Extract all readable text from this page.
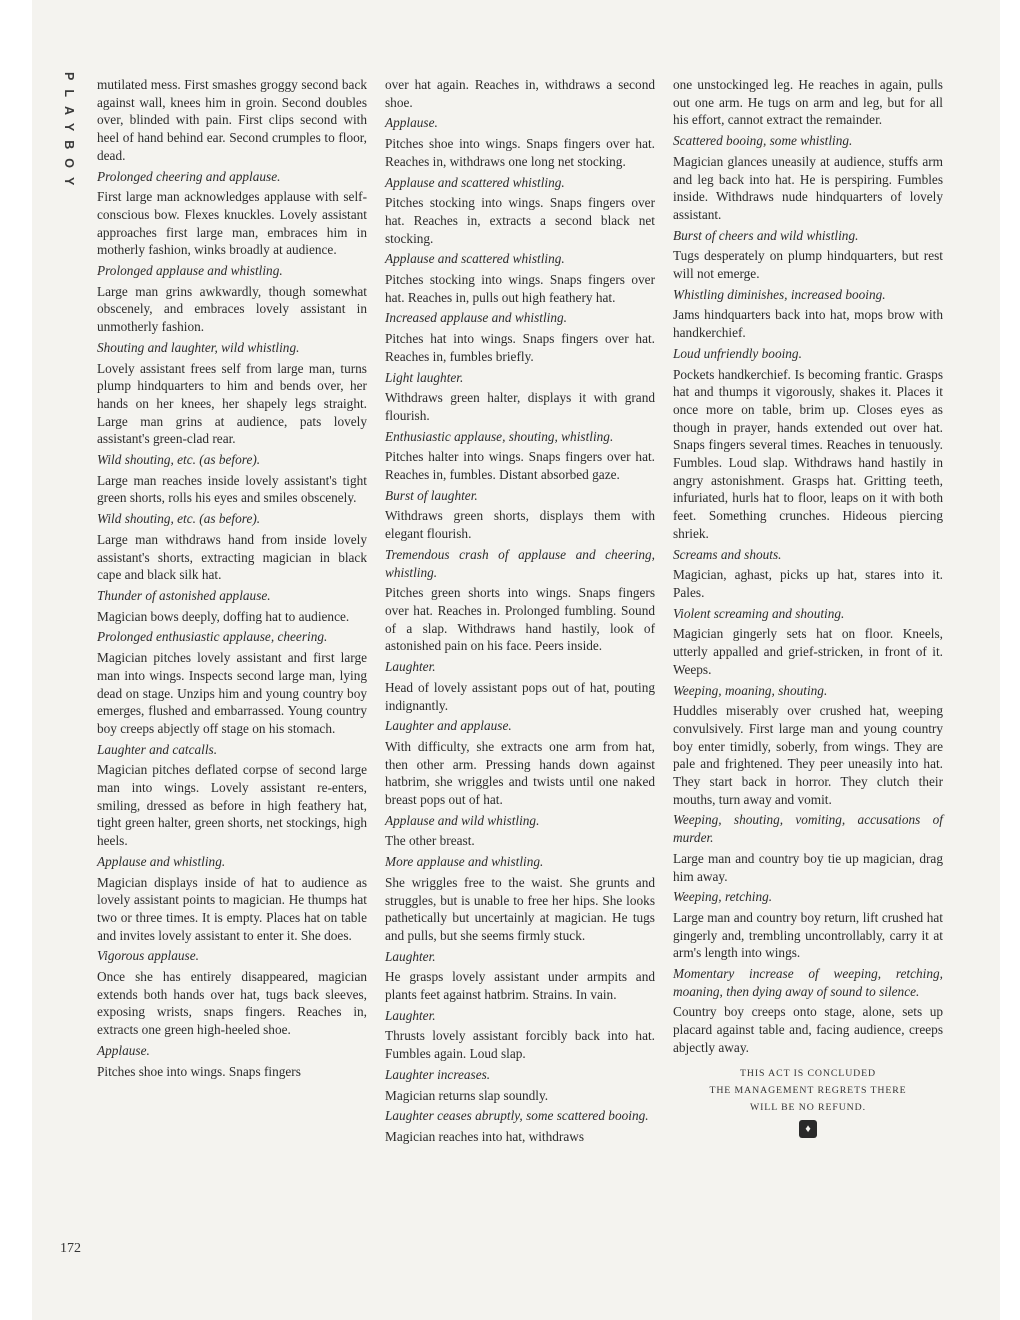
PLAYBOY mutilated mess. First smashes groggy second back against wall, knees him in groin. Second doubles over, blinded with pain. First clips second with heel of hand behind ear. Second crumples to floor, dead.

Prolonged cheering and applause.

First large man acknowledges applause with self-conscious bow. Flexes knuckles. Lovely assistant approaches first large man, embraces him in motherly fashion, winks broadly at audience.

Prolonged applause and whistling.

Large man grins awkwardly, though somewhat obscenely, and embraces lovely assistant in unmotherly fashion.

Shouting and laughter, wild whistling.

Lovely assistant frees self from large man, turns plump hindquarters to him and bends over, her hands on her knees, her shapely legs straight. Large man grins at audience, pats lovely assistant's green-clad rear.

Wild shouting, etc. (as before).

Large man reaches inside lovely assistant's tight green shorts, rolls his eyes and smiles obscenely.

Wild shouting, etc. (as before).

Large man withdraws hand from inside lovely assistant's shorts, extracting magician in black cape and black silk hat.

Thunder of astonished applause.

Magician bows deeply, doffing hat to audience.

Prolonged enthusiastic applause, cheering.

Magician pitches lovely assistant and first large man into wings. Inspects second large man, lying dead on stage. Unzips him and young country boy emerges, flushed and embarrassed. Young country boy creeps abjectly off stage on his stomach.

Laughter and catcalls.

Magician pitches deflated corpse of second large man into wings. Lovely assistant re-enters, smiling, dressed as before in high feathery hat, tight green halter, green shorts, net stockings, high heels.

Applause and whistling.

Magician displays inside of hat to audience as lovely assistant points to magician. He thumps hat two or three times. It is empty. Places hat on table and invites lovely assistant to enter it. She does.

Vigorous applause.

Once she has entirely disappeared, magician extends both hands over hat, tugs back sleeves, exposing wrists, snaps fingers. Reaches in, extracts one green high-heeled shoe.

Applause.

Pitches shoe into wings. Snaps fingers

over hat again. Reaches in, withdraws a second shoe.

Applause.

Pitches shoe into wings. Snaps fingers over hat. Reaches in, withdraws one long net stocking.

Applause and scattered whistling.

Pitches stocking into wings. Snaps fingers over hat. Reaches in, extracts a second black net stocking.

Applause and scattered whistling.

Pitches stocking into wings. Snaps fingers over hat. Reaches in, pulls out high feathery hat.

Increased applause and whistling.

Pitches hat into wings. Snaps fingers over hat. Reaches in, fumbles briefly.

Light laughter.

Withdraws green halter, displays it with grand flourish.

Enthusiastic applause, shouting, whistling.

Pitches halter into wings. Snaps fingers over hat. Reaches in, fumbles. Distant absorbed gaze.

Burst of laughter.

Withdraws green shorts, displays them with elegant flourish.

Tremendous crash of applause and cheering, whistling.

Pitches green shorts into wings. Snaps fingers over hat. Reaches in. Prolonged fumbling. Sound of a slap. Withdraws hand hastily, look of astonished pain on his face. Peers inside.

Laughter.

Head of lovely assistant pops out of hat, pouting indignantly.

Laughter and applause.

With difficulty, she extracts one arm from hat, then other arm. Pressing hands down against hatbrim, she wriggles and twists until one naked breast pops out of hat.

Applause and wild whistling.

The other breast.

More applause and whistling.

She wriggles free to the waist. She grunts and struggles, but is unable to free her hips. She looks pathetically but uncertainly at magician. He tugs and pulls, but she seems firmly stuck.

Laughter.

He grasps lovely assistant under armpits and plants feet against hatbrim. Strains. In vain.

Laughter.

Thrusts lovely assistant forcibly back into hat. Fumbles again. Loud slap.

Laughter increases.

Magician returns slap soundly.

Laughter ceases abruptly, some scattered booing.

Magician reaches into hat, withdraws

one unstockinged leg. He reaches in again, pulls out one arm. He tugs on arm and leg, but for all his effort, cannot extract the remainder.

Scattered booing, some whistling.

Magician glances uneasily at audience, stuffs arm and leg back into hat. He is perspiring. Fumbles inside. Withdraws nude hindquarters of lovely assistant.

Burst of cheers and wild whistling.

Tugs desperately on plump hindquarters, but rest will not emerge.

Whistling diminishes, increased booing.

Jams hindquarters back into hat, mops brow with handkerchief.

Loud unfriendly booing.

Pockets handkerchief. Is becoming frantic. Grasps hat and thumps it vigorously, shakes it. Places it once more on table, brim up. Closes eyes as though in prayer, hands extended out over hat. Snaps fingers several times. Reaches in tenuously. Fumbles. Loud slap. Withdraws hand hastily in angry astonishment. Grasps hat. Gritting teeth, infuriated, hurls hat to floor, leaps on it with both feet. Something crunches. Hideous piercing shriek.

Screams and shouts.

Magician, aghast, picks up hat, stares into it. Pales.

Violent screaming and shouting.

Magician gingerly sets hat on floor. Kneels, utterly appalled and grief-stricken, in front of it. Weeps.

Weeping, moaning, shouting.

Huddles miserably over crushed hat, weeping convulsively. First large man and young country boy enter timidly, soberly, from wings. They are pale and frightened. They peer uneasily into hat. They start back in horror. They clutch their mouths, turn away and vomit.

Weeping, shouting, vomiting, accusations of murder.

Large man and country boy tie up magician, drag him away.

Weeping, retching.

Large man and country boy return, lift crushed hat gingerly and, trembling uncontrollably, carry it at arm's length into wings.

Momentary increase of weeping, retching, moaning, then dying away of sound to silence.

Country boy creeps onto stage, alone, sets up placard against table and, facing audience, creeps abjectly away.

THIS ACT IS CONCLUDED
THE MANAGEMENT REGRETS THERE
WILL BE NO REFUND.
♦
172
